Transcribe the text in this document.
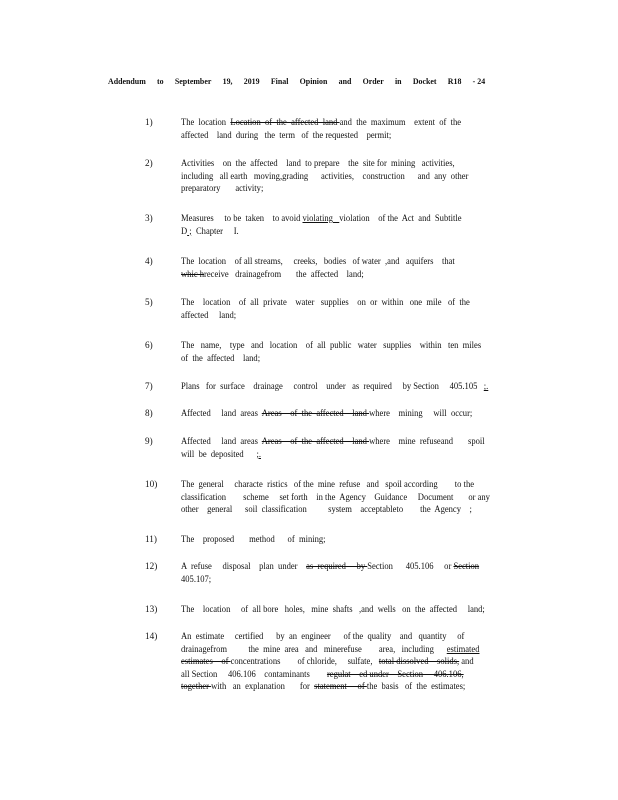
Addendum to September 19, 2019 Final Opinion and Order in Docket R18 - 24
1)	The  location  Location  of  the  affected  land and  the  maximum    extent  of  the
affected    land  during   the  term   of  the requested    permit;
2)	Activities    on  the  affected    land  to prepare    the  site for  mining   activities,
including   all earth   moving,grading      activities,    construction      and  any  other
preparatory       activity;
3)	Measures     to be  taken    to avoid violating   violation    of the  Act  and  Subtitle
D ;  Chapter     I.
4)	The  location    of all streams,     creeks,   bodies   of water  ,and   aquifers    that
whic hreceive   drainagefrom       the  affected    land;
5)	The    location    of  all  private    water   supplies    on  or  within   one  mile   of  the
affected     land;
6)	The   name,    type   and   location    of  all  public   water   supplies    within   ten  miles
of  the  affected    land;
7)	Plans   for  surface    drainage     control    under   as  required     by Section     405.105   ;.
8)	Affected     land  areas  Areas    of  the  affected    land where    mining     will  occur;
9)	Affected     land  areas  Areas    of  the  affected    land where    mine  refuseand       spoil
will  be  deposited      ;.
10)	The  general     characte  ristics   of the  mine  refuse   and   spoil according        to the
classification        scheme     set forth    in the  Agency    Guidance     Document       or any
other    general      soil  classification          system    acceptableto        the  Agency    ;
11)	The    proposed       method      of  mining;
12)	A  refuse     disposal    plan  under    as  required     by Section      405.106     or Section
405.107;
13)	The    location     of  all bore   holes,   mine  shafts   ,and  wells   on  the  affected     land;
14)	An  estimate     certified      by  an  engineer      of the  quality    and   quantity     of
drainagefrom          the  mine  area   and   minerefuse        area,   including      estimated
estimates    of concentrations        of chloride,     sulfate,   total dissolved    solids, and
all Section     406.106    contaminants        regulat    ed under    Section     406.106,
together with   an  explanation       for  statement     of the  basis   of  the  estimates;
